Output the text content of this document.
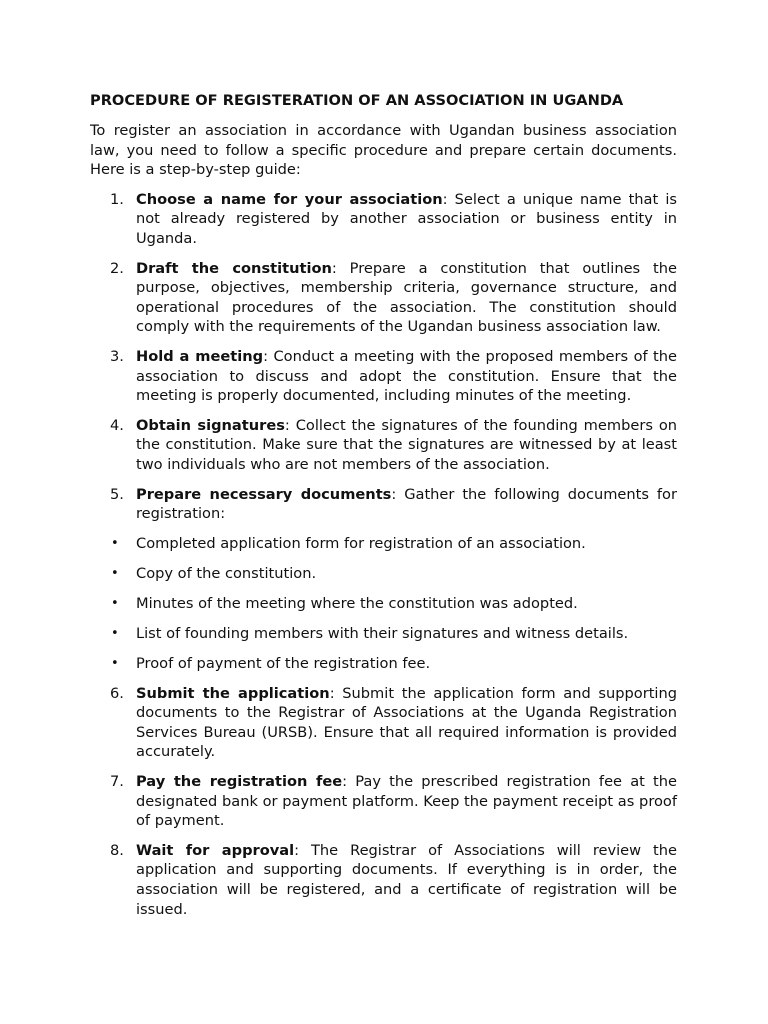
PROCEDURE OF REGISTERATION OF AN ASSOCIATION IN UGANDA
To register an association in accordance with Ugandan business association law, you need to follow a specific procedure and prepare certain documents. Here is a step-by-step guide:
1. Choose a name for your association: Select a unique name that is not already registered by another association or business entity in Uganda.
2. Draft the constitution: Prepare a constitution that outlines the purpose, objectives, membership criteria, governance structure, and operational procedures of the association. The constitution should comply with the requirements of the Ugandan business association law.
3. Hold a meeting: Conduct a meeting with the proposed members of the association to discuss and adopt the constitution. Ensure that the meeting is properly documented, including minutes of the meeting.
4. Obtain signatures: Collect the signatures of the founding members on the constitution. Make sure that the signatures are witnessed by at least two individuals who are not members of the association.
5. Prepare necessary documents: Gather the following documents for registration:
• Completed application form for registration of an association.
• Copy of the constitution.
• Minutes of the meeting where the constitution was adopted.
• List of founding members with their signatures and witness details.
• Proof of payment of the registration fee.
6. Submit the application: Submit the application form and supporting documents to the Registrar of Associations at the Uganda Registration Services Bureau (URSB). Ensure that all required information is provided accurately.
7. Pay the registration fee: Pay the prescribed registration fee at the designated bank or payment platform. Keep the payment receipt as proof of payment.
8. Wait for approval: The Registrar of Associations will review the application and supporting documents. If everything is in order, the association will be registered, and a certificate of registration will be issued.
